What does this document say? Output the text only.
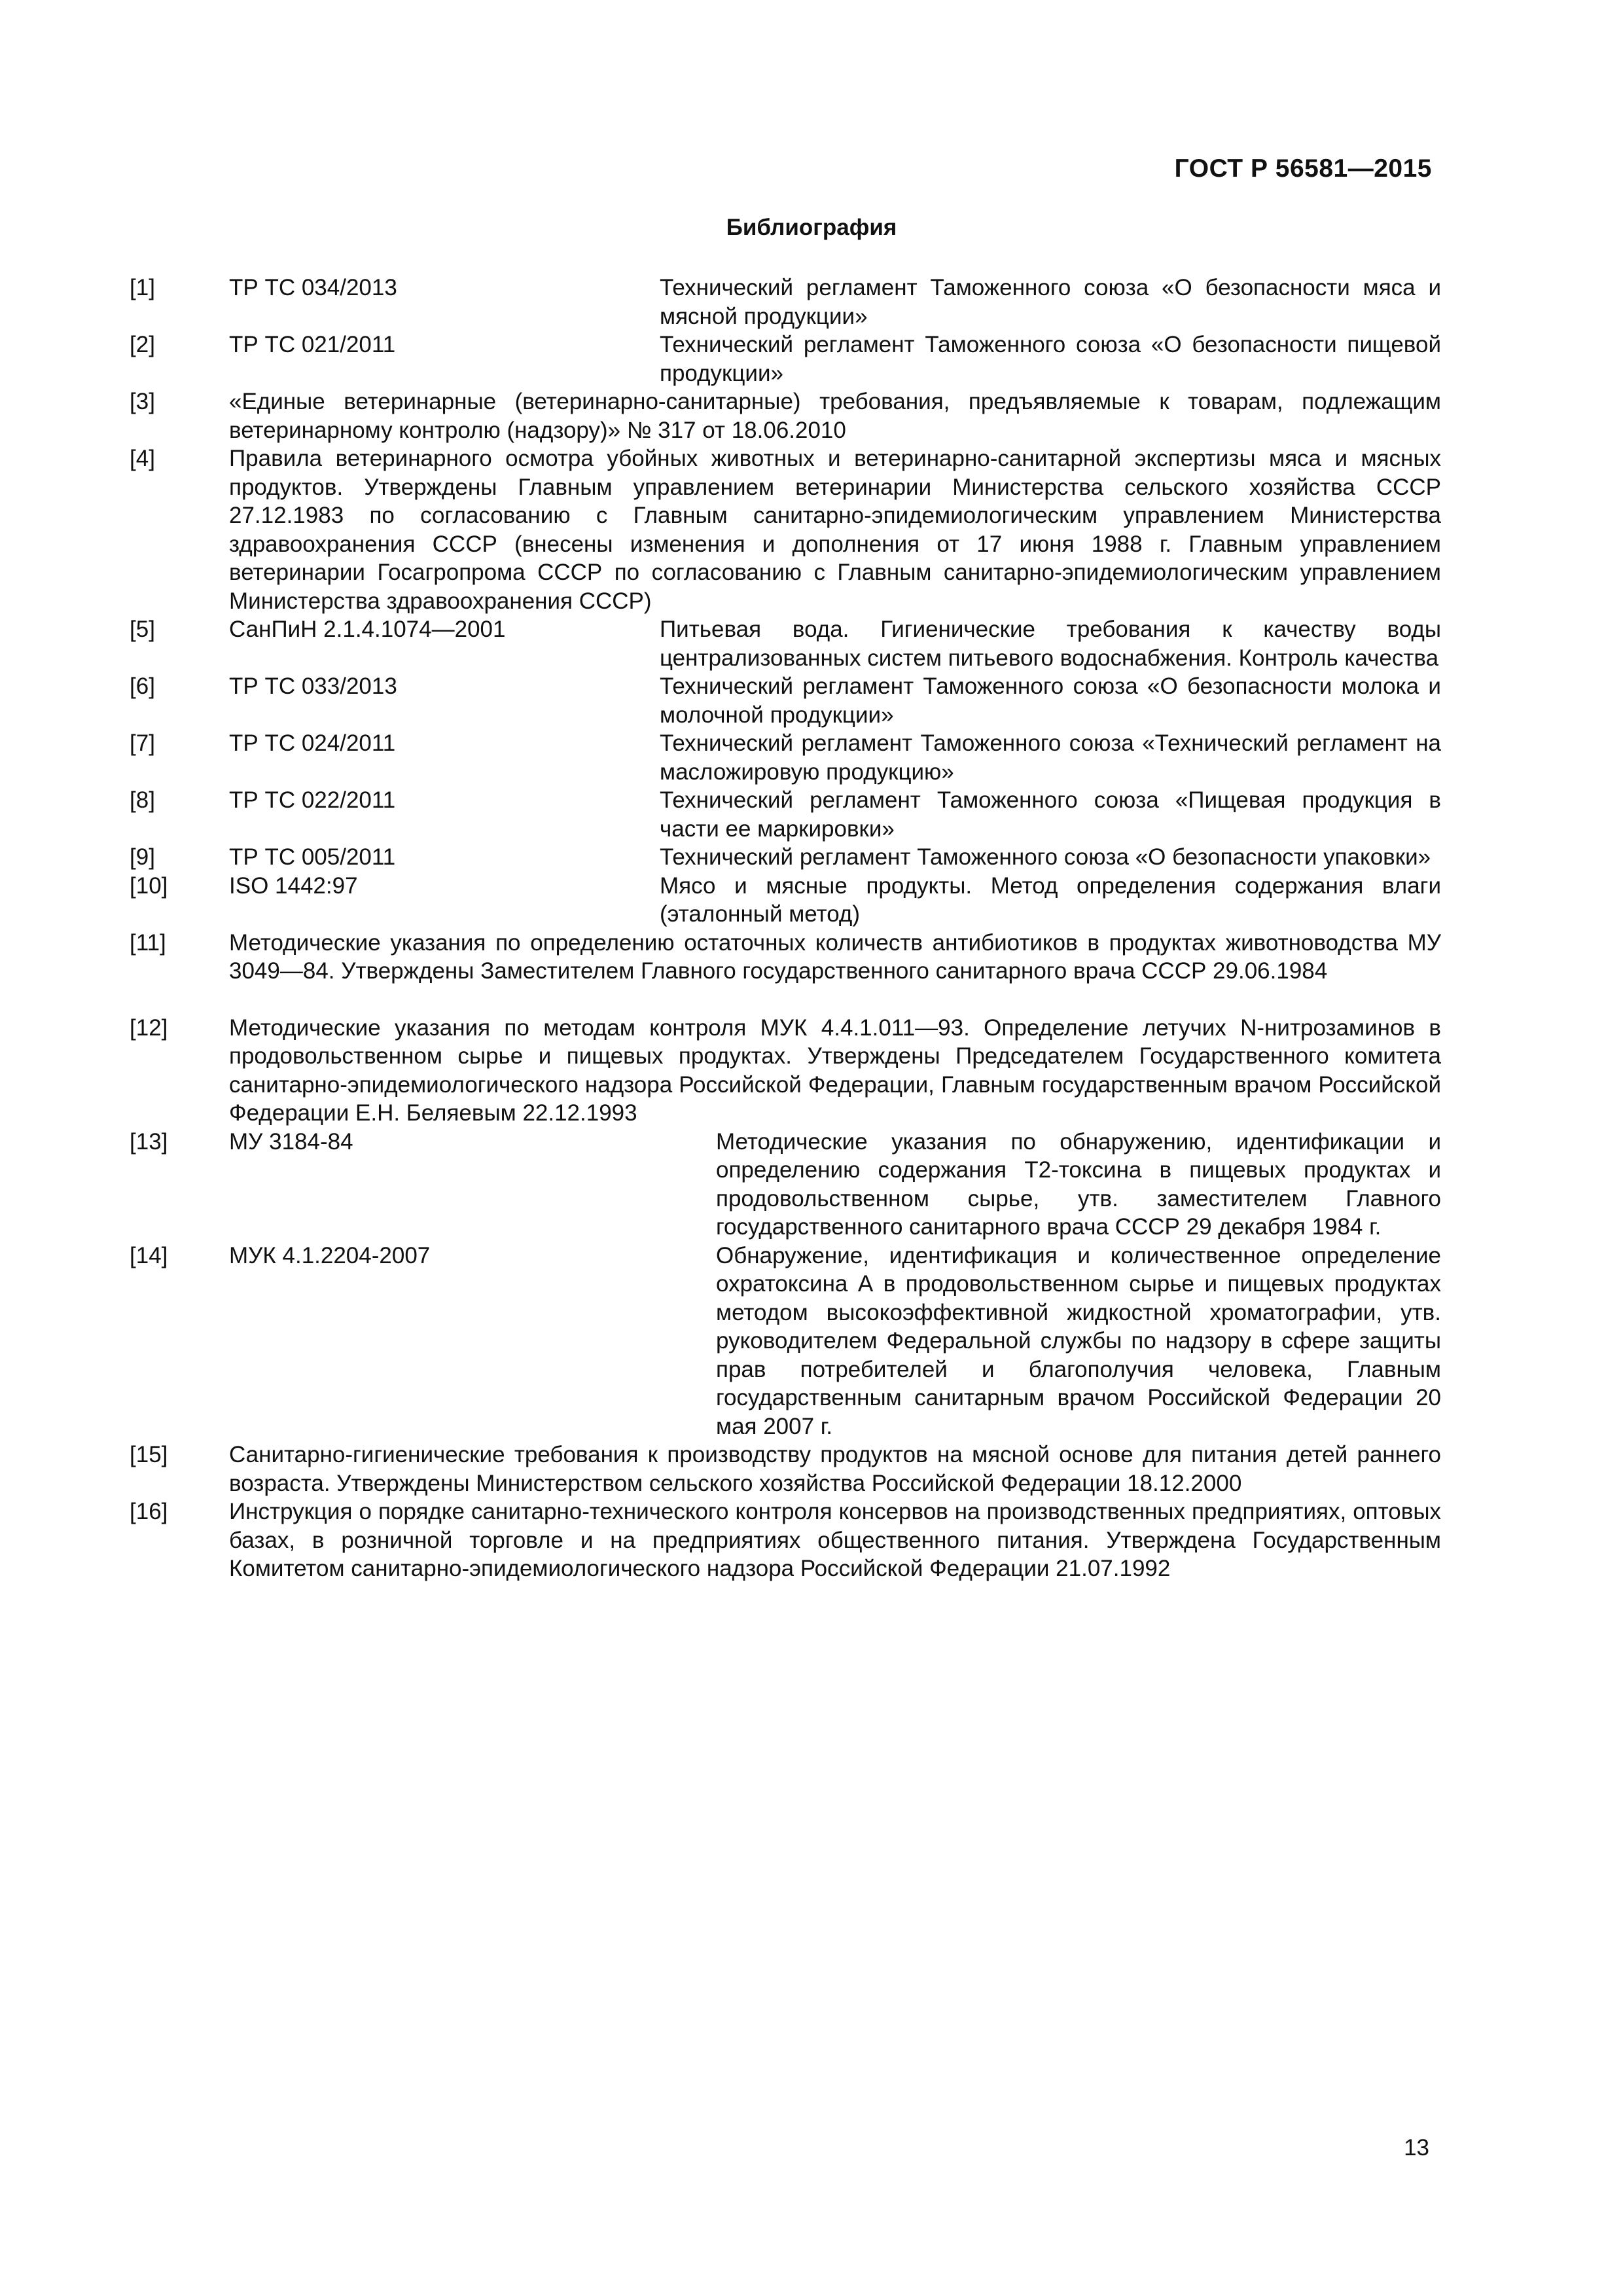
ГОСТ Р 56581—2015
Библиография
[1]	ТР ТС 034/2013	Технический регламент Таможенного союза «О безопасности мяса и мясной продукции»
[2]	ТР ТС 021/2011	Технический регламент Таможенного союза «О безопасности пищевой продукции»
[3]	«Единые ветеринарные (ветеринарно-санитарные) требования, предъявляемые к товарам, подлежащим ветеринарному контролю (надзору)» № 317 от 18.06.2010
[4]	Правила ветеринарного осмотра убойных животных и ветеринарно-санитарной экспертизы мяса и мясных продуктов. Утверждены Главным управлением ветеринарии Министерства сельского хозяйства СССР 27.12.1983 по согласованию с Главным санитарно-эпидемиологическим управлением Министерства здравоохранения СССР (внесены изменения и дополнения от 17 июня 1988 г. Главным управлением ветеринарии Госагропрома СССР по согласованию с Главным санитарно-эпидемиологическим управлением Министерства здравоохранения СССР)
[5]	СанПиН 2.1.4.1074—2001	Питьевая вода. Гигиенические требования к качеству воды централизованных систем питьевого водоснабжения. Контроль качества
[6]	ТР ТС 033/2013	Технический регламент Таможенного союза «О безопасности молока и молочной продукции»
[7]	ТР ТС 024/2011	Технический регламент Таможенного союза «Технический регламент на масложировую продукцию»
[8]	ТР ТС 022/2011	Технический регламент Таможенного союза «Пищевая продукция в части ее маркировки»
[9]	ТР ТС 005/2011	Технический регламент Таможенного союза «О безопасности упаковки»
[10]	ISO 1442:97	Мясо и мясные продукты. Метод определения содержания влаги (эталонный метод)
[11]	Методические указания по определению остаточных количеств антибиотиков в продуктах животноводства МУ 3049—84. Утверждены Заместителем Главного государственного санитарного врача СССР 29.06.1984
[12]	Методические указания по методам контроля МУК 4.4.1.011—93. Определение летучих N-нитрозаминов в продовольственном сырье и пищевых продуктах. Утверждены Председателем Государственного комитета санитарно-эпидемиологического надзора Российской Федерации, Главным государственным врачом Российской Федерации Е.Н. Беляевым 22.12.1993
[13]	МУ 3184-84	Методические указания по обнаружению, идентификации и определению содержания Т2-токсина в пищевых продуктах и продовольственном сырье, утв. заместителем Главного государственного санитарного врача СССР 29 декабря 1984 г.
[14]	МУК 4.1.2204-2007	Обнаружение, идентификация и количественное определение охратоксина А в продовольственном сырье и пищевых продуктах методом высокоэффективной жидкостной хроматографии, утв. руководителем Федеральной службы по надзору в сфере защиты прав потребителей и благополучия человека, Главным государственным санитарным врачом Российской Федерации 20 мая 2007 г.
[15]	Санитарно-гигиенические требования к производству продуктов на мясной основе для питания детей раннего возраста. Утверждены Министерством сельского хозяйства Российской Федерации 18.12.2000
[16]	Инструкция о порядке санитарно-технического контроля консервов на производственных предприятиях, оптовых базах, в розничной торговле и на предприятиях общественного питания. Утверждена Государственным Комитетом санитарно-эпидемиологического надзора Российской Федерации 21.07.1992
13
